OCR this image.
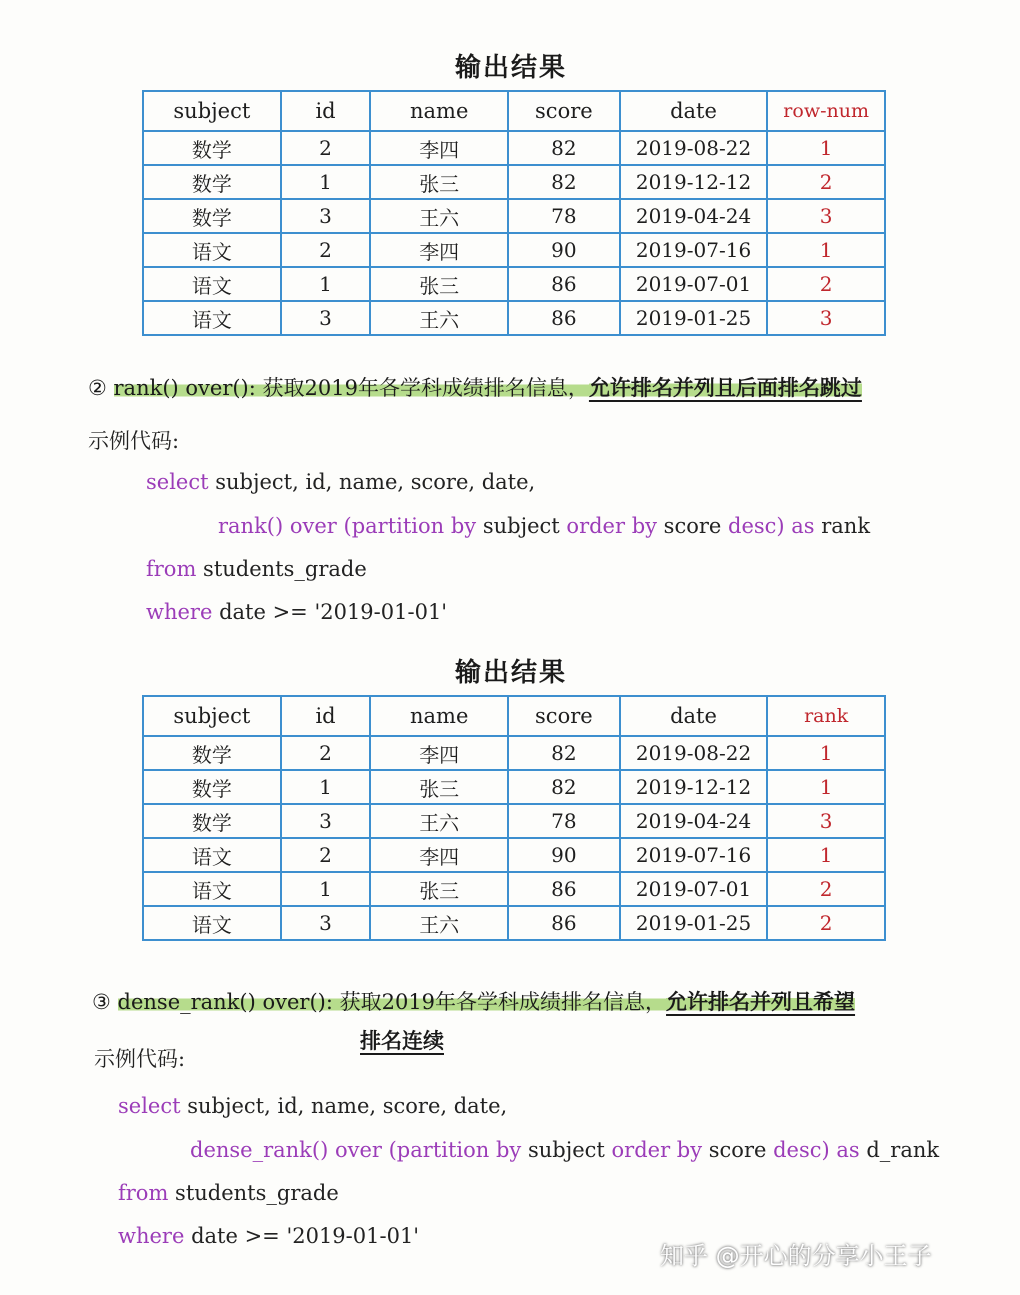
输出结果
subject	id	name	score	date	row-num
数学	2	李四	82	2019-08-22	1
数学	1	张三	82	2019-12-12	2
数学	3	王六	78	2019-04-24	3
语文	2	李四	90	2019-07-16	1
语文	1	张三	86	2019-07-01	2
语文	3	王六	86	2019-01-25	3
② rank() over(): 获取2019年各学科成绩排名信息，允许排名并列且后面排名跳过
示例代码:
select subject, id, name, score, date,
rank() over (partition by subject order by score desc) as rank
from students_grade
where date >= '2019-01-01'
输出结果
subject	id	name	score	date	rank
数学	2	李四	82	2019-08-22	1
数学	1	张三	82	2019-12-12	1
数学	3	王六	78	2019-04-24	3
语文	2	李四	90	2019-07-16	1
语文	1	张三	86	2019-07-01	2
语文	3	王六	86	2019-01-25	2
③ dense_rank() over(): 获取2019年各学科成绩排名信息，允许排名并列且希望
排名连续
示例代码:
select subject, id, name, score, date,
dense_rank() over (partition by subject order by score desc) as d_rank
from students_grade
where date >= '2019-01-01'
知乎 @开心的分享小王子
